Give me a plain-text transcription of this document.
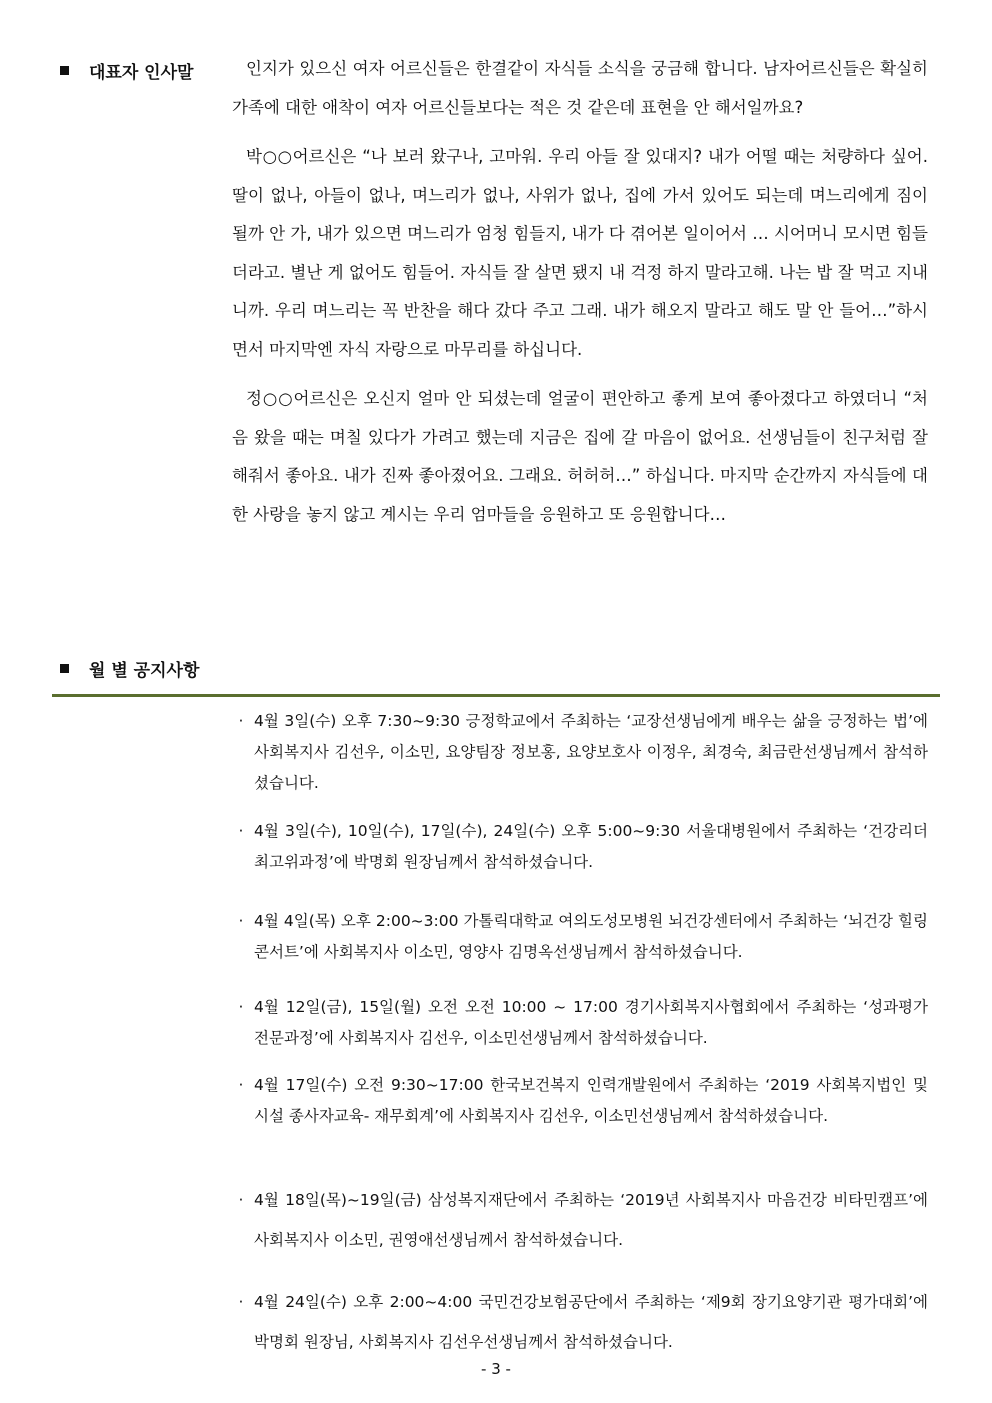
대표자 인사말	인지가 있으신 여자 어르신들은 한결같이 자식들 소식을 궁금해 합니다. 남자어르신들은 확실히 가족에 대한 애착이 여자 어르신들보다는 적은 것 같은데 표현을 안 해서일까요?

박○○어르신은 “나 보러 왔구나, 고마워. 우리 아들 잘 있대지? 내가 어떨 때는 처량하다 싶어. 딸이 없나, 아들이 없나, 며느리가 없나, 사위가 없나, 집에 가서 있어도 되는데 며느리에게 짐이 될까 안 가, 내가 있으면 며느리가 엄청 힘들지, 내가 다 겪어본 일이어서 … 시어머니 모시면 힘들 더라고. 별난 게 없어도 힘들어. 자식들 잘 살면 됐지 내 걱정 하지 말라고해. 나는 밥 잘 먹고 지내니까. 우리 며느리는 꼭 반찬을 해다 갔다 주고 그래. 내가 해오지 말라고 해도 말 안 들어…”하시면서 마지막엔 자식 자랑으로 마무리를 하십니다.

정○○어르신은 오신지 얼마 안 되셨는데 얼굴이 편안하고 좋게 보여 좋아졌다고 하였더니 “처음 왔을 때는 며칠 있다가 가려고 했는데 지금은 집에 갈 마음이 없어요. 선생님들이 친구처럼 잘해줘서 좋아요. 내가 진짜 좋아졌어요. 그래요. 허허허…” 하십니다. 마지막 순간까지 자식들에 대한 사랑을 놓지 않고 계시는 우리 엄마들을 응원하고 또 응원합니다…

월 별 공지사항
· 4월 3일(수) 오후 7:30~9:30 긍정학교에서 주최하는 ‘교장선생님에게 배우는 삶을 긍정하는 법’에 사회복지사 김선우, 이소민, 요양팀장 정보홍, 요양보호사 이정우, 최경숙, 최금란선생님께서 참석하셨습니다.
· 4월 3일(수), 10일(수), 17일(수), 24일(수) 오후 5:00~9:30 서울대병원에서 주최하는 ‘건강리더 최고위과정’에 박명회 원장님께서 참석하셨습니다.
· 4월 4일(목) 오후 2:00~3:00 가톨릭대학교 여의도성모병원 뇌건강센터에서 주최하는 ‘뇌건강 힐링 콘서트’에 사회복지사 이소민, 영양사 김명옥선생님께서 참석하셨습니다.
· 4월 12일(금), 15일(월) 오전 오전 10:00 ~ 17:00 경기사회복지사협회에서 주최하는 ‘성과평가 전문과정’에 사회복지사 김선우, 이소민선생님께서 참석하셨습니다.
· 4월 17일(수) 오전 9:30~17:00 한국보건복지 인력개발원에서 주최하는 ‘2019 사회복지법인 및 시설 종사자교육- 재무회계’에 사회복지사 김선우, 이소민선생님께서 참석하셨습니다.
· 4월 18일(목)~19일(금) 삼성복지재단에서 주최하는 ‘2019년 사회복지사 마음건강 비타민캠프’에 사회복지사 이소민, 권영애선생님께서 참석하셨습니다.
· 4월 24일(수) 오후 2:00~4:00 국민건강보험공단에서 주최하는 ‘제9회 장기요양기관 평가대회’에 박명회 원장님, 사회복지사 김선우선생님께서 참석하셨습니다.
- 3 -
